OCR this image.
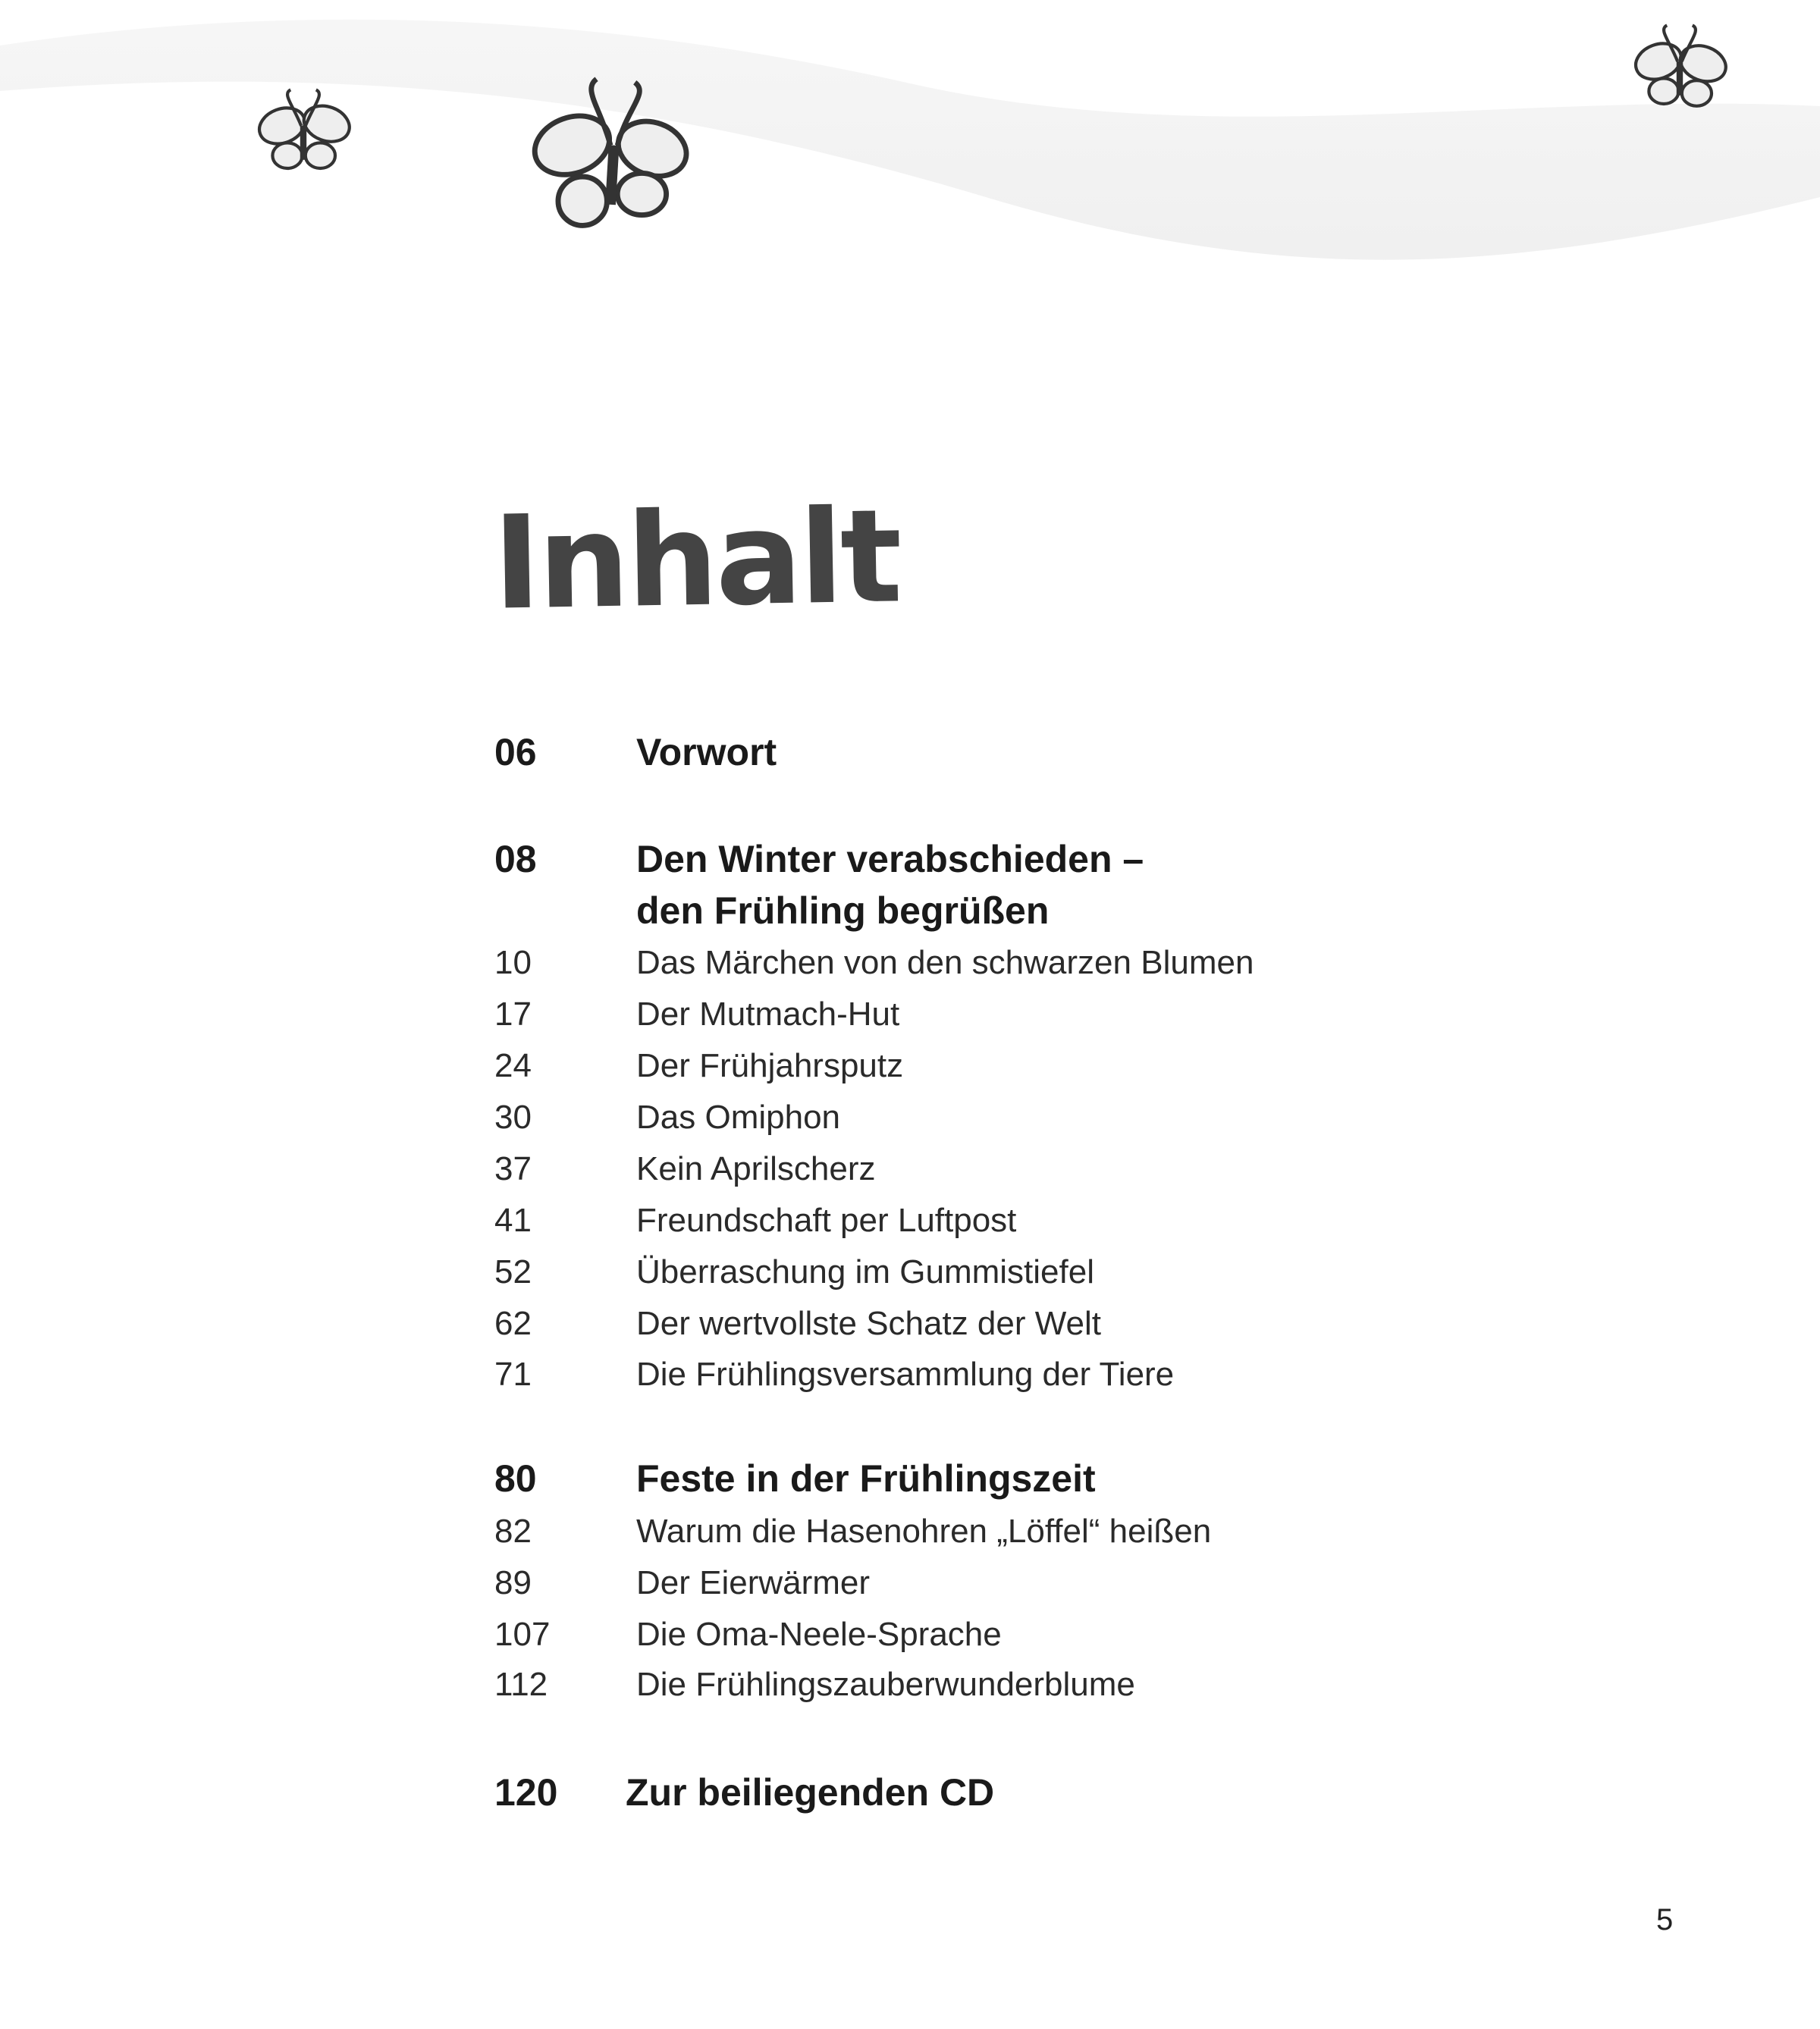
Inhalt
06	Vorwort
08	Den Winter verabschieden –
den Frühling begrüßen
10	Das Märchen von den schwarzen Blumen
17	Der Mutmach-Hut
24	Der Frühjahrsputz
30	Das Omiphon
37	Kein Aprilscherz
41	Freundschaft per Luftpost
52	Überraschung im Gummistiefel
62	Der wertvollste Schatz der Welt
71	Die Frühlingsversammlung der Tiere
80	Feste in der Frühlingszeit
82	Warum die Hasenohren „Löffel“ heißen
89	Der Eierwärmer
107	Die Oma-Neele-Sprache
112	Die Frühlingszauberwunderblume
120	Zur beiliegenden CD
5
